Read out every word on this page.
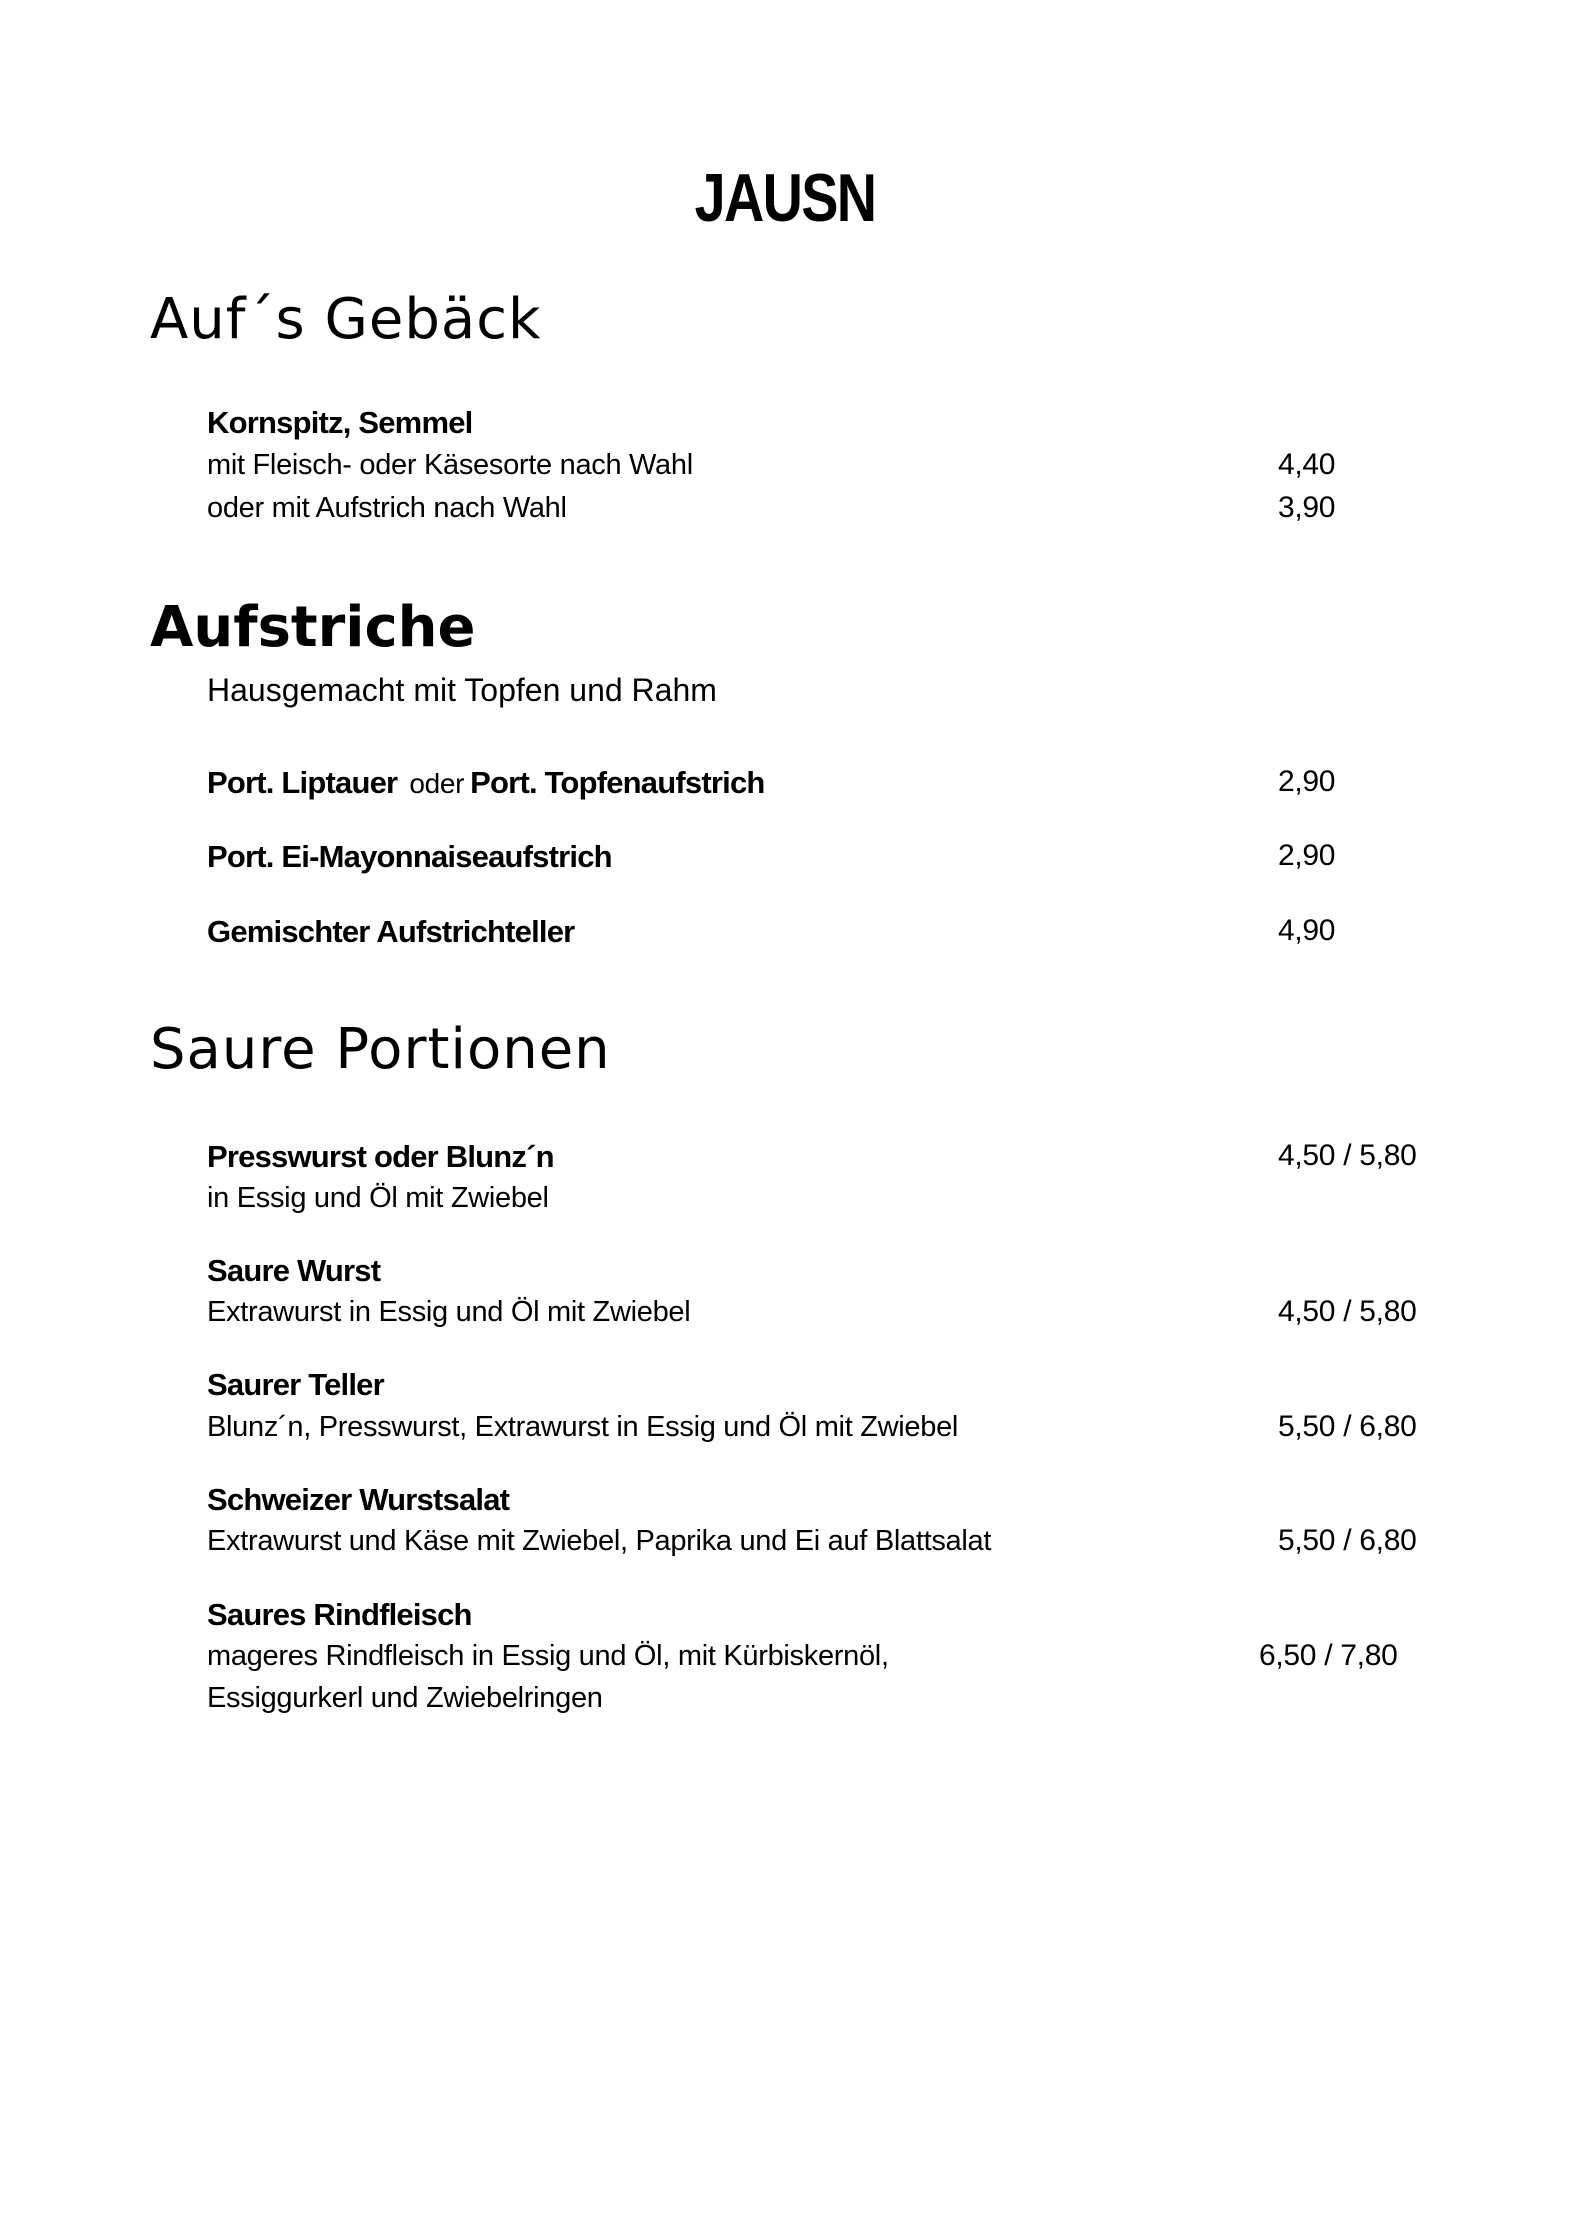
JAUSN
Auf´s Gebäck
Kornspitz, Semmel
mit Fleisch- oder Käsesorte nach Wahl	4,40
oder mit Aufstrich nach Wahl	3,90
Aufstriche
Hausgemacht mit Topfen und Rahm
Port. Liptauer oder Port. Topfenaufstrich	2,90
Port. Ei-Mayonnaiseaufstrich	2,90
Gemischter Aufstrichteller	4,90
Saure Portionen
Presswurst oder Blunz´n	4,50 / 5,80
in Essig und Öl mit Zwiebel
Saure Wurst
Extrawurst in Essig und Öl mit Zwiebel	4,50 / 5,80
Saurer Teller
Blunz´n, Presswurst, Extrawurst in Essig und Öl mit Zwiebel	5,50 / 6,80
Schweizer Wurstsalat
Extrawurst und Käse mit Zwiebel, Paprika und Ei auf Blattsalat	5,50 / 6,80
Saures Rindfleisch
mageres Rindfleisch in Essig und Öl, mit Kürbiskernöl,	6,50 / 7,80
Essiggurkerl und Zwiebelringen
